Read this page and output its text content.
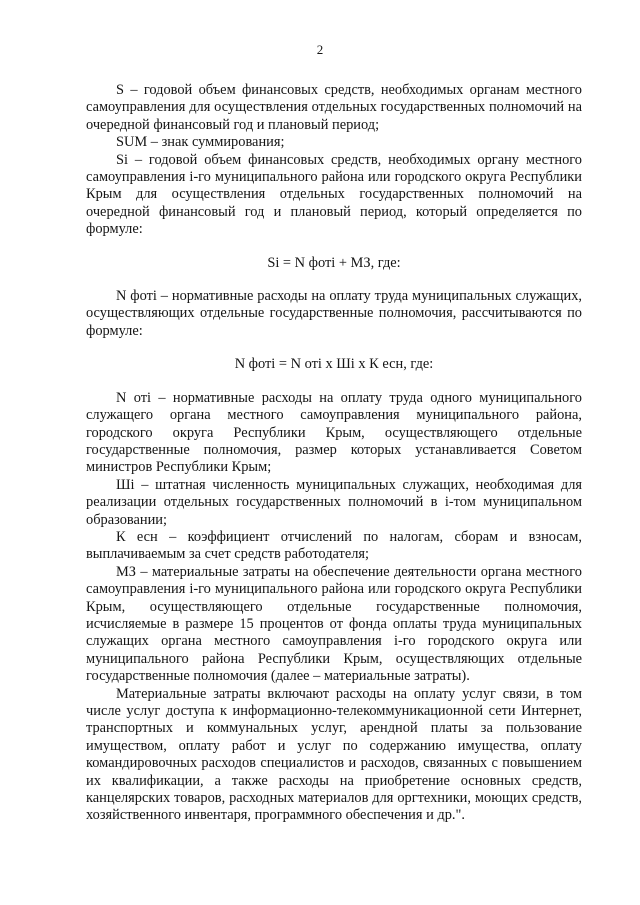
2

S – годовой объем финансовых средств, необходимых органам местного самоуправления для осуществления отдельных государственных полномочий на очередной финансовый год и плановый период;

SUM – знак суммирования;

Si – годовой объем финансовых средств, необходимых органу местного самоуправления i-го муниципального района или городского округа Республики Крым для осуществления отдельных государственных полномочий на очередной финансовый год и плановый период, который определяется по формуле:

Si = N фоті + МЗ, где:

N фоті – нормативные расходы на оплату труда муниципальных служащих, осуществляющих отдельные государственные полномочия, рассчитываются по формуле:

N фоті = N оті х Шi х К есн, где:

N оті – нормативные расходы на оплату труда одного муниципального служащего органа местного самоуправления муниципального района, городского округа Республики Крым, осуществляющего отдельные государственные полномочия, размер которых устанавливается Советом министров Республики Крым;

Шi – штатная численность муниципальных служащих, необходимая для реализации отдельных государственных полномочий в i-том муниципальном образовании;

К есн – коэффициент отчислений по налогам, сборам и взносам, выплачиваемым за счет средств работодателя;

МЗ – материальные затраты на обеспечение деятельности органа местного самоуправления i-го муниципального района или городского округа Республики Крым, осуществляющего отдельные государственные полномочия, исчисляемые в размере 15 процентов от фонда оплаты труда муниципальных служащих органа местного самоуправления i-го городского округа или муниципального района Республики Крым, осуществляющих отдельные государственные полномочия (далее – материальные затраты).

Материальные затраты включают расходы на оплату услуг связи, в том числе услуг доступа к информационно-телекоммуникационной сети Интернет, транспортных и коммунальных услуг, арендной платы за пользование имуществом, оплату работ и услуг по содержанию имущества, оплату командировочных расходов специалистов и расходов, связанных с повышением их квалификации, а также расходы на приобретение основных средств, канцелярских товаров, расходных материалов для оргтехники, моющих средств, хозяйственного инвентаря, программного обеспечения и др.".
